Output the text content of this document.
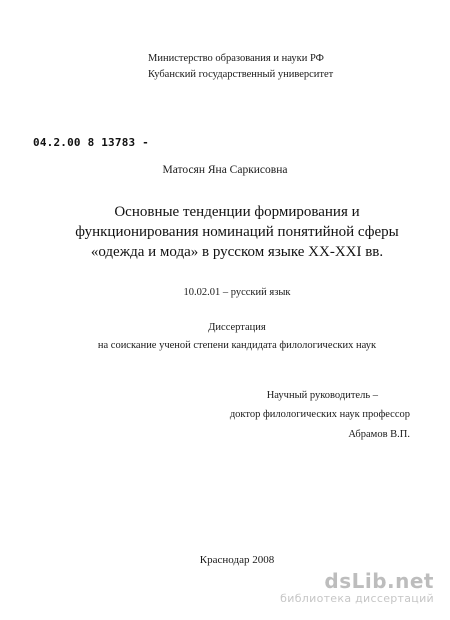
Министерство образования и науки РФ
Кубанский государственный университет
04.2.00 8 13783 -
Матосян Яна Саркисовна
Основные тенденции формирования и
функционирования номинаций понятийной сферы
«одежда и мода» в русском языке XX-XXI вв.
10.02.01 – русский язык
Диссертация
на соискание ученой степени кандидата филологических наук
Научный руководитель –
доктор филологических наук профессор
Абрамов В.П.
Краснодар 2008
dsLib.net
библиотека диссертаций
